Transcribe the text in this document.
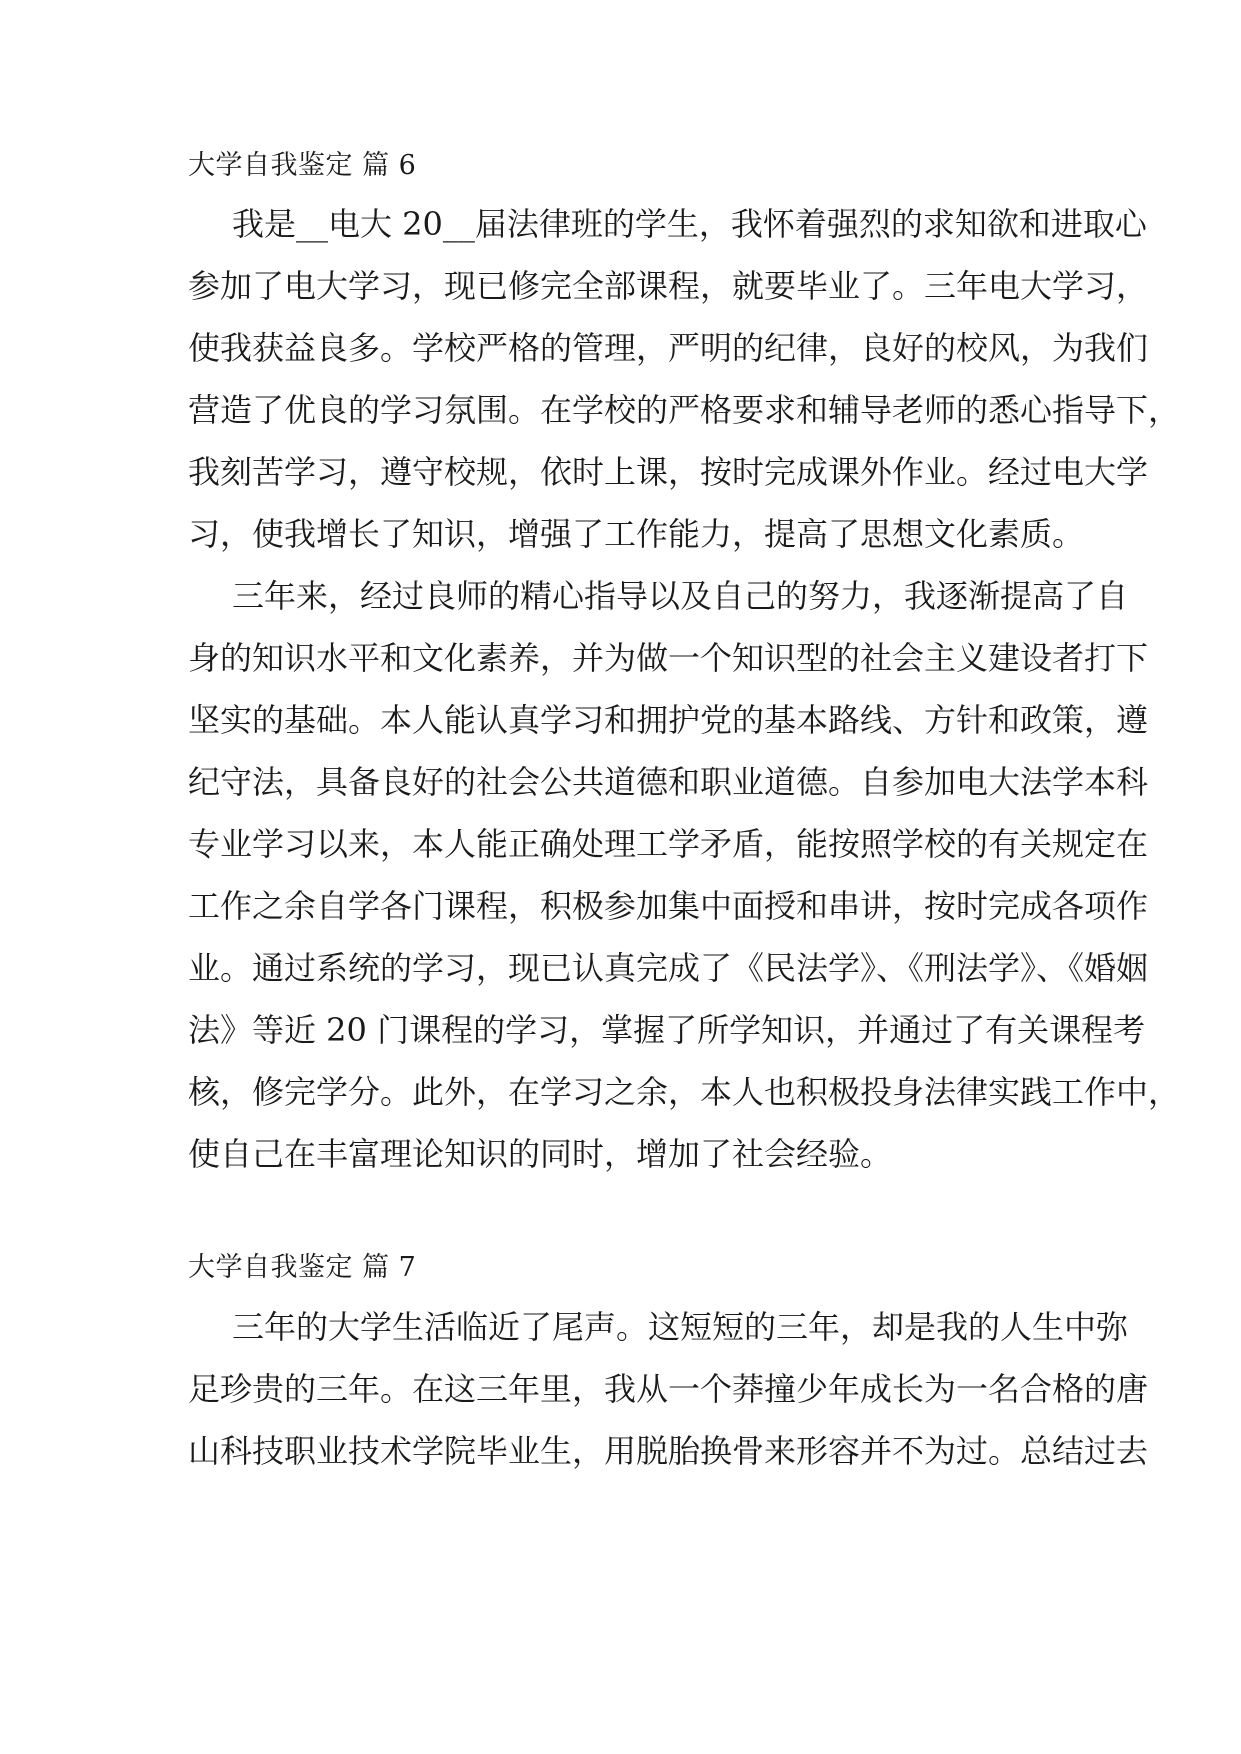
大学自我鉴定 篇 6
我是__电大 20__届法律班的学生，我怀着强烈的求知欲和进取心
参加了电大学习，现已修完全部课程，就要毕业了。三年电大学习，
使我获益良多。学校严格的管理，严明的纪律，良好的校风，为我们
营造了优良的学习氛围。在学校的严格要求和辅导老师的悉心指导下，
我刻苦学习，遵守校规，依时上课，按时完成课外作业。经过电大学
习，使我增长了知识，增强了工作能力，提高了思想文化素质。
三年来，经过良师的精心指导以及自己的努力，我逐渐提高了自
身的知识水平和文化素养，并为做一个知识型的社会主义建设者打下
坚实的基础。本人能认真学习和拥护党的基本路线、方针和政策，遵
纪守法，具备良好的社会公共道德和职业道德。自参加电大法学本科
专业学习以来，本人能正确处理工学矛盾，能按照学校的有关规定在
工作之余自学各门课程，积极参加集中面授和串讲，按时完成各项作
业。通过系统的学习，现已认真完成了《民法学》、《刑法学》、《婚姻
法》等近 20 门课程的学习，掌握了所学知识，并通过了有关课程考
核，修完学分。此外，在学习之余，本人也积极投身法律实践工作中，
使自己在丰富理论知识的同时，增加了社会经验。
大学自我鉴定 篇 7
三年的大学生活临近了尾声。这短短的三年，却是我的人生中弥
足珍贵的三年。在这三年里，我从一个莽撞少年成长为一名合格的唐
山科技职业技术学院毕业生，用脱胎换骨来形容并不为过。总结过去
